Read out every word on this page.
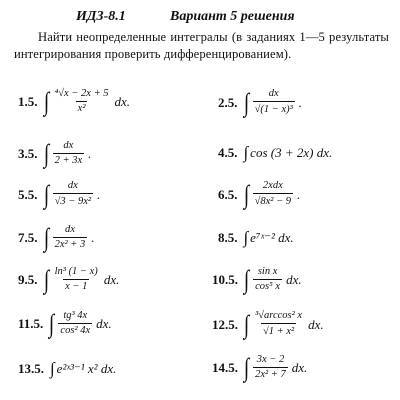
ИДЗ-8.1	Вариант 5 решения
Найти неопределенные интегралы (в заданиях 1—5 результаты интегрирования проверить дифференцированием).
1.5. ∫ $\frac{\text{⁴√x − 2x + 5}}{\text{x²}}$ dx.	2.5. ∫ $\frac{dx}{\text{√(1 − x)³}}$ .
3.5. ∫ $\frac{dx}{2 + 3x}$ .	4.5. ∫ cos (3 + 2x) dx.
5.5. ∫ $\frac{dx}{\text{√3 − 9x²}}$ .	6.5. ∫ $\frac{\text{2xdx}}{\text{√8x² − 9}}$ .
7.5. ∫ $\frac{dx}{\text{2x² + 3}}$ .	8.5. ∫ e⁷ˣ⁻² dx.
9.5. ∫ $\frac{\text{ln³ (1 − x)}}{x - 1}$ dx.	10.5. ∫ $\frac{\text{sin x}}{\text{cos⁵ x}}$ dx.
11.5. ∫ $\frac{\text{tg³ 4x}}{\text{cos² 4x}}$ dx.	12.5. ∫ $\frac{\text{³√arccos² x}}{\text{√1 + x²}}$ dx.
13.5. ∫ e²ˣ³⁻¹ x² dx.	14.5. ∫ $\frac{3x - 2}{\text{2x² + 7}}$ dx.
